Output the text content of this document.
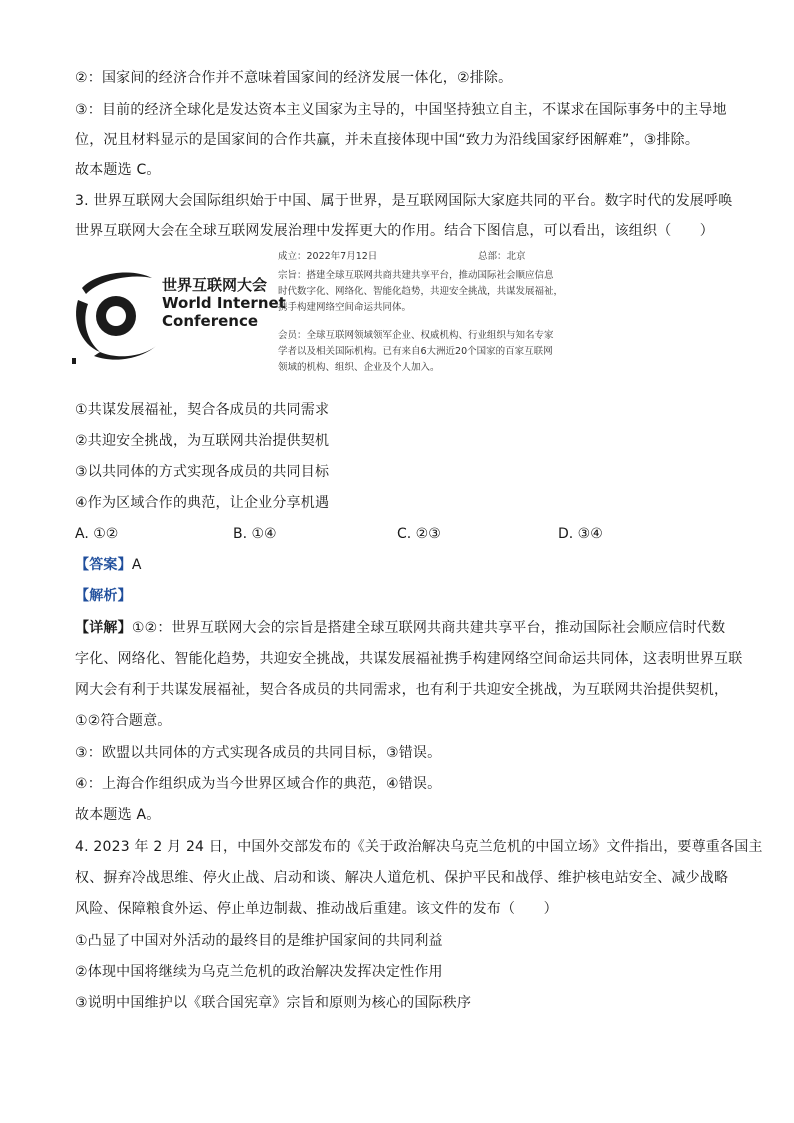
②：国家间的经济合作并不意味着国家间的经济发展一体化，②排除。
③：目前的经济全球化是发达资本主义国家为主导的，中国坚持独立自主，不谋求在国际事务中的主导地
位，况且材料显示的是国家间的合作共赢，并未直接体现中国“致力为沿线国家纾困解难”，③排除。
故本题选 C。
3. 世界互联网大会国际组织始于中国、属于世界，是互联网国际大家庭共同的平台。数字时代的发展呼唤
世界互联网大会在全球互联网发展治理中发挥更大的作用。结合下图信息，可以看出，该组织（　　）
世界互联网大会
World Internet
Conference
成立：2022年7月12日	总部：北京
宗旨：搭建全球互联网共商共建共享平台，推动国际社会顺应信息
时代数字化、网络化、智能化趋势，共迎安全挑战，共谋发展福祉，
携手构建网络空间命运共同体。
会员：全球互联网领域领军企业、权威机构、行业组织与知名专家
学者以及相关国际机构。已有来自6大洲近20个国家的百家互联网
领域的机构、组织、企业及个人加入。
①共谋发展福祉，契合各成员的共同需求
②共迎安全挑战，为互联网共治提供契机
③以共同体的方式实现各成员的共同目标
④作为区域合作的典范，让企业分享机遇
A. ①②	B. ①④	C. ②③	D. ③④
【答案】A
【解析】
【详解】①②：世界互联网大会的宗旨是搭建全球互联网共商共建共享平台，推动国际社会顺应信时代数
字化、网络化、智能化趋势，共迎安全挑战，共谋发展福祉携手构建网络空间命运共同体，这表明世界互联
网大会有利于共谋发展福祉，契合各成员的共同需求，也有利于共迎安全挑战，为互联网共治提供契机，
①②符合题意。
③：欧盟以共同体的方式实现各成员的共同目标，③错误。
④：上海合作组织成为当今世界区域合作的典范，④错误。
故本题选 A。
4. 2023 年 2 月 24 日，中国外交部发布的《关于政治解决乌克兰危机的中国立场》文件指出，要尊重各国主
权、摒弃冷战思维、停火止战、启动和谈、解决人道危机、保护平民和战俘、维护核电站安全、减少战略
风险、保障粮食外运、停止单边制裁、推动战后重建。该文件的发布（　　）
①凸显了中国对外活动的最终目的是维护国家间的共同利益
②体现中国将继续为乌克兰危机的政治解决发挥决定性作用
③说明中国维护以《联合国宪章》宗旨和原则为核心的国际秩序
